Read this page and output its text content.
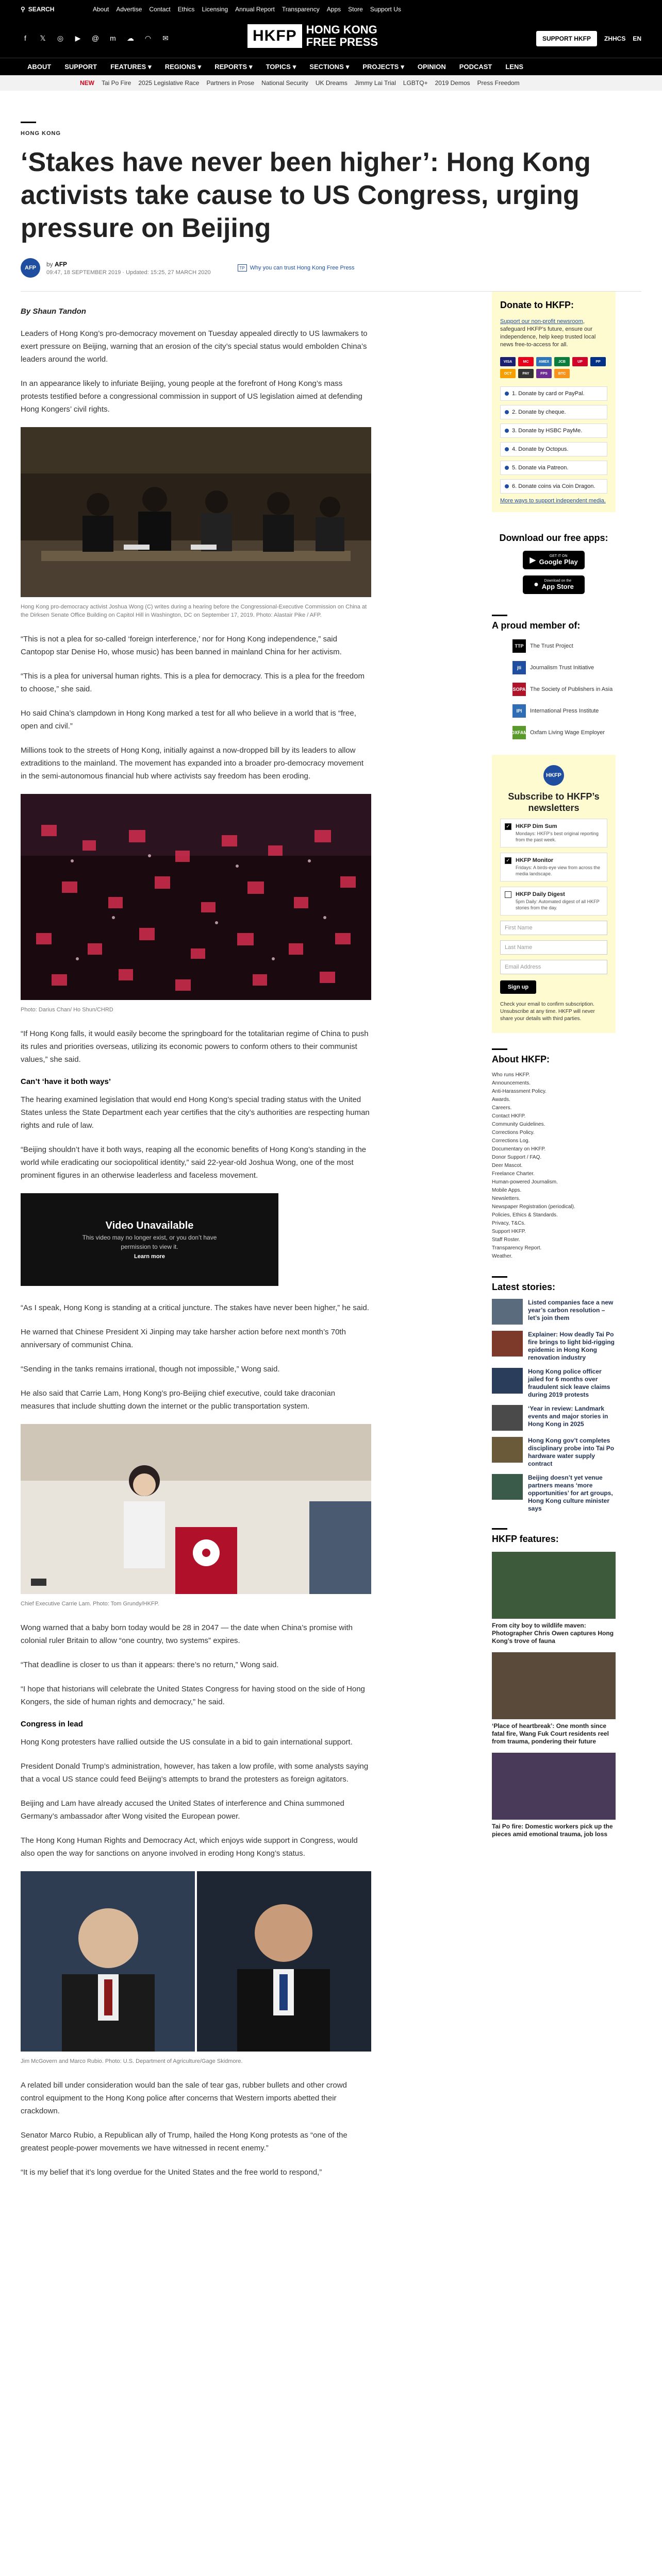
⚲ SEARCH	About Advertise Contact Ethics Licensing Annual Report Transparency Apps Store Support Us
f	𝕏 ◎ ▶ @ m ☁ ◠ ✉	HKFP HONG KONG
FREE PRESS	SUPPORT HKFP	ZHHCS EN
ABOUT SUPPORT FEATURES ▾ REGIONS ▾ REPORTS ▾ TOPICS ▾ SECTIONS ▾ PROJECTS ▾ OPINION PODCAST LENS
NEW Tai Po Fire 2025 Legislative Race Partners in Prose National Security UK Dreams Jimmy Lai Trial LGBTQ+ 2019 Demos Press Freedom
HONG KONG
‘Stakes have never been higher’: Hong Kong activists take cause to US Congress, urging pressure on Beijing
AFP
by AFP
09:47, 18 SEPTEMBER 2019 · Updated: 15:25, 27 MARCH 2020
TP Why you can trust Hong Kong Free Press
By Shaun Tandon

Leaders of Hong Kong’s pro-democracy movement on Tuesday appealed directly to US lawmakers to exert pressure on Beijing, warning that an erosion of the city’s special status would embolden China’s leaders around the world.

In an appearance likely to infuriate Beijing, young people at the forefront of Hong Kong’s mass protests testified before a congressional commission in support of US legislation aimed at defending Hong Kongers’ civil rights.

Hong Kong pro-democracy activist Joshua Wong (C) writes during a hearing before the Congressional-Executive Commission on China at the Dirksen Senate Office Building on Capitol Hill in Washington, DC on September 17, 2019. Photo: Alastair Pike / AFP.

“This is not a plea for so-called ‘foreign interference,’ nor for Hong Kong independence,” said Cantopop star Denise Ho, whose music) has been banned in mainland China for her activism.

“This is a plea for universal human rights. This is a plea for democracy. This is a plea for the freedom to choose,” she said.

Ho said China’s clampdown in Hong Kong marked a test for all who believe in a world that is “free, open and civil.”

Millions took to the streets of Hong Kong, initially against a now-dropped bill by its leaders to allow extraditions to the mainland. The movement has expanded into a broader pro-democracy movement in the semi-autonomous financial hub where activists say freedom has been eroding.

Photo: Darius Chan/ Ho Shun/CHRD

“If Hong Kong falls, it would easily become the springboard for the totalitarian regime of China to push its rules and priorities overseas, utilizing its economic powers to conform others to their communist values,” she said.

Can’t ‘have it both ways’

The hearing examined legislation that would end Hong Kong’s special trading status with the United States unless the State Department each year certifies that the city’s authorities are respecting human rights and rule of law.

“Beijing shouldn’t have it both ways, reaping all the economic benefits of Hong Kong’s standing in the world while eradicating our sociopolitical identity,” said 22-year-old Joshua Wong, one of the most prominent figures in an otherwise leaderless and faceless movement.

Video Unavailable
This video may no longer exist, or you don’t have
permission to view it.
Learn more

“As I speak, Hong Kong is standing at a critical juncture. The stakes have never been higher,” he said.

He warned that Chinese President Xi Jinping may take harsher action before next month’s 70th anniversary of communist China.

“Sending in the tanks remains irrational, though not impossible,” Wong said.

He also said that Carrie Lam, Hong Kong’s pro-Beijing chief executive, could take draconian measures that include shutting down the internet or the public transportation system.

Chief Executive Carrie Lam. Photo: Tom Grundy/HKFP.

Wong warned that a baby born today would be 28 in 2047 — the date when China’s promise with colonial ruler Britain to allow “one country, two systems” expires.

“That deadline is closer to us than it appears: there’s no return,” Wong said.

“I hope that historians will celebrate the United States Congress for having stood on the side of Hong Kongers, the side of human rights and democracy,” he said.

Congress in lead

Hong Kong protesters have rallied outside the US consulate in a bid to gain international support.

President Donald Trump’s administration, however, has taken a low profile, with some analysts saying that a vocal US stance could feed Beijing’s attempts to brand the protesters as foreign agitators.

Beijing and Lam have already accused the United States of interference and China summoned Germany’s ambassador after Wong visited the European power.

The Hong Kong Human Rights and Democracy Act, which enjoys wide support in Congress, would also open the way for sanctions on anyone involved in eroding Hong Kong’s status.

Jim McGovern and Marco Rubio. Photo: U.S. Department of Agriculture/Gage Skidmore.

A related bill under consideration would ban the sale of tear gas, rubber bullets and other crowd control equipment to the Hong Kong police after concerns that Western imports abetted their crackdown.

Senator Marco Rubio, a Republican ally of Trump, hailed the Hong Kong protests as “one of the greatest people-power movements we have witnessed in recent enemy.”

“It is my belief that it’s long overdue for the United States and the free world to respond,”

Donate to HKFP:
Support our non-profit newsroom, safeguard HKFP’s future, ensure our independence, help keep trusted local news free-to-access for all.
VISA	MC	AMEX	JCB	UP	PP
OCT	PAY	FPS	BTC
1. Donate by card or PayPal.
2. Donate by cheque.
3. Donate by HSBC PayMe.
4. Donate by Octopus.
5. Donate via Patreon.
6. Donate coins via Coin Dragon.
More ways to support independent media.
Download our free apps:
▶	GET IT ON
Google Play
●	Download on the
App Store
A proud member of:
TTP	The Trust Project
jti	Journalism Trust Initiative
SOPA The Society of Publishers in Asia
IPI	International Press Institute
OXFAM Oxfam Living Wage Employer
HKFP
Subscribe to HKFP’s newsletters
✓ HKFP Dim Sum
Mondays: HKFP’s best original reporting from the past week.
✓ HKFP Monitor
Fridays: A birds-eye view from across the media landscape.
HKFP Daily Digest
5pm Daily: Automated digest of all HKFP stories from the day.
First Name
Last Name
Email Address
Sign up
Check your email to confirm subscription. Unsubscribe at any time. HKFP will never share your details with third parties.
About HKFP:
Who runs HKFP.
Announcements.
Anti-Harassment Policy.
Awards.
Careers.
Contact HKFP.
Community Guidelines.
Corrections Policy.
Corrections Log.
Documentary on HKFP.
Donor Support / FAQ.
Deer Mascot.
Freelance Charter.
Human-powered Journalism.
Mobile Apps.
Newsletters.
Newspaper Registration (periodical).
Policies, Ethics & Standards.
Privacy, T&Cs.
Support HKFP.
Staff Roster.
Transparency Report.
Weather.
Latest stories:
Listed companies face a new year’s carbon resolution – let’s join them
Explainer: How deadly Tai Po fire brings to light bid-rigging epidemic in Hong Kong renovation industry
Hong Kong police officer jailed for 6 months over fraudulent sick leave claims during 2019 protests
‘Year in review: Landmark events and major stories in Hong Kong in 2025
Hong Kong gov’t completes disciplinary probe into Tai Po hardware water supply contract
Beijing doesn’t yet venue partners means ‘more opportunities’ for art groups, Hong Kong culture minister says
HKFP features:
From city boy to wildlife maven: Photographer Chris Owen captures Hong Kong’s trove of fauna
‘Place of heartbreak’: One month since fatal fire, Wang Fuk Court residents reel from trauma, pondering their future
Tai Po fire: Domestic workers pick up the pieces amid emotional trauma, job loss
